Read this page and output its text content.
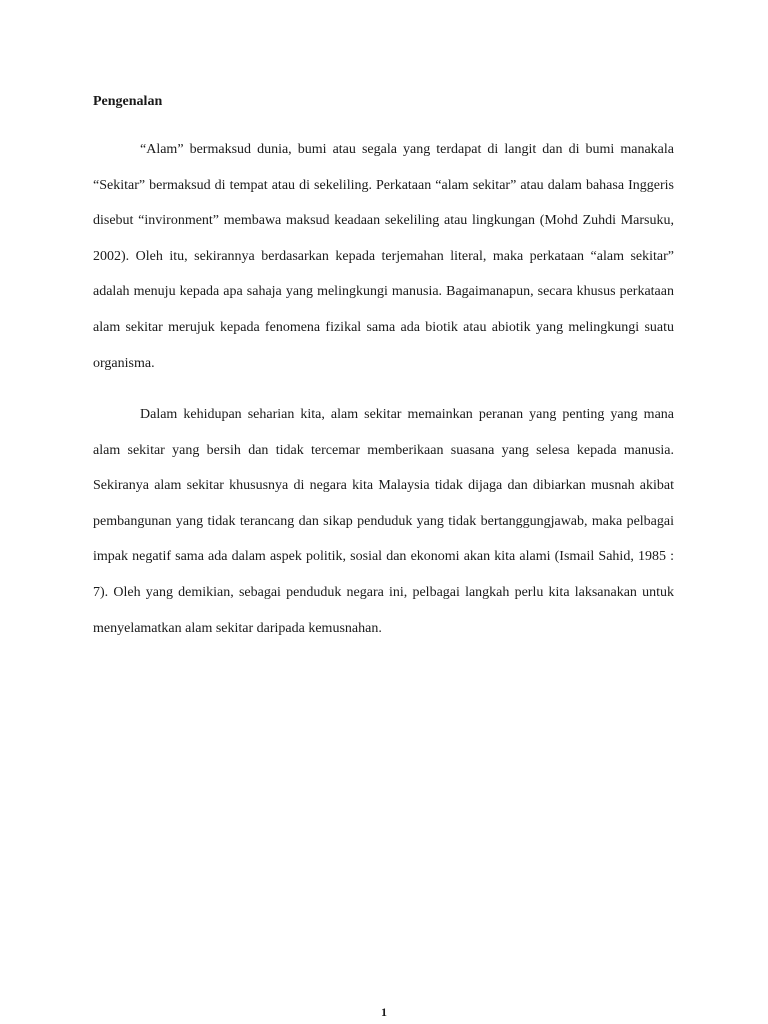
Pengenalan

“Alam” bermaksud dunia, bumi atau segala yang terdapat di langit dan di bumi manakala “Sekitar” bermaksud di tempat atau di sekeliling. Perkataan “alam sekitar” atau dalam bahasa Inggeris disebut “invironment” membawa maksud keadaan sekeliling atau lingkungan (Mohd Zuhdi Marsuku, 2002). Oleh itu, sekirannya berdasarkan kepada terjemahan literal, maka perkataan “alam sekitar” adalah menuju kepada apa sahaja yang melingkungi manusia. Bagaimanapun, secara khusus perkataan alam sekitar merujuk kepada fenomena fizikal sama ada biotik atau abiotik yang melingkungi suatu organisma.

Dalam kehidupan seharian kita, alam sekitar memainkan peranan yang penting yang mana alam sekitar yang bersih dan tidak tercemar memberikaan suasana yang selesa kepada manusia. Sekiranya alam sekitar khususnya di negara kita Malaysia tidak dijaga dan dibiarkan musnah akibat pembangunan yang tidak terancang dan sikap penduduk yang tidak bertanggungjawab, maka pelbagai impak negatif sama ada dalam aspek politik, sosial dan ekonomi akan kita alami (Ismail Sahid, 1985 : 7). Oleh yang demikian, sebagai penduduk negara ini, pelbagai langkah perlu kita laksanakan untuk menyelamatkan alam sekitar daripada kemusnahan.

1
